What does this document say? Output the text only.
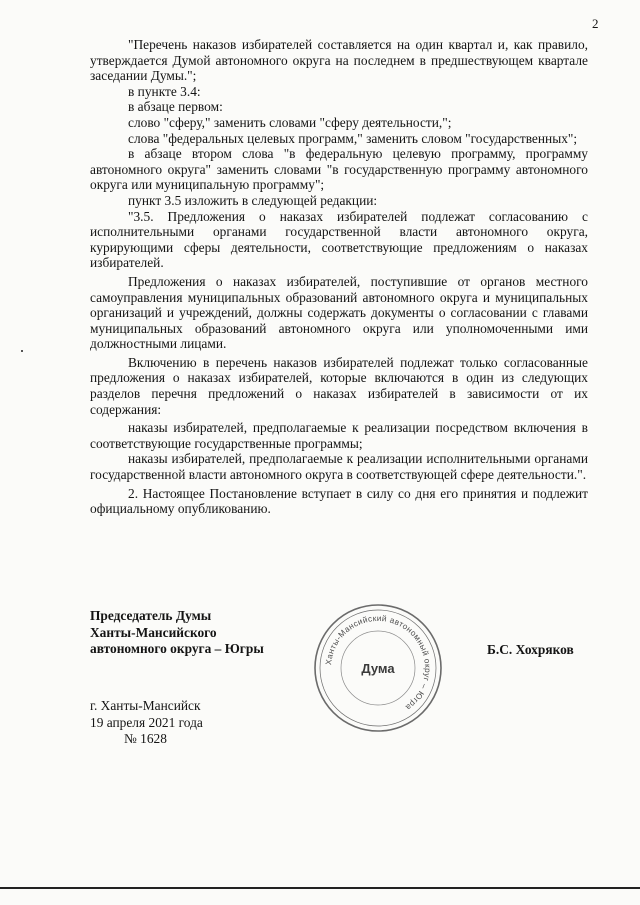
2

"Перечень наказов избирателей составляется на один квартал и, как правило, утверждается Думой автономного округа на последнем в предшествующем квартале заседании Думы.";

в пункте 3.4:

в абзаце первом:

слово "сферу," заменить словами "сферу деятельности,";

слова "федеральных целевых программ," заменить словом "государственных";

в абзаце втором слова "в федеральную целевую программу, программу автономного округа" заменить словами "в государственную программу автономного округа или муниципальную программу";

пункт 3.5 изложить в следующей редакции:

"3.5. Предложения о наказах избирателей подлежат согласованию с исполнительными органами государственной власти автономного округа, курирующими сферы деятельности, соответствующие предложениям о наказах избирателей.

Предложения о наказах избирателей, поступившие от органов местного самоуправления муниципальных образований автономного округа и муниципальных организаций и учреждений, должны содержать документы о согласовании с главами муниципальных образований автономного округа или уполномоченными ими должностными лицами.

Включению в перечень наказов избирателей подлежат только согласованные предложения о наказах избирателей, которые включаются в один из следующих разделов перечня предложений о наказах избирателей в зависимости от их содержания:

наказы избирателей, предполагаемые к реализации посредством включения в соответствующие государственные программы;

наказы избирателей, предполагаемые к реализации исполнительными органами государственной власти автономного округа в соответствующей сфере деятельности.".

2. Настоящее Постановление вступает в силу со дня его принятия и подлежит официальному опубликованию.

Председатель Думы
Ханты-Мансийского
автономного округа – Югры
Ханты-Мансийский автономный округ – Югра
Дума
Б.С. Хохряков
г. Ханты-Мансийск
19 апреля 2021 года
№ 1628
